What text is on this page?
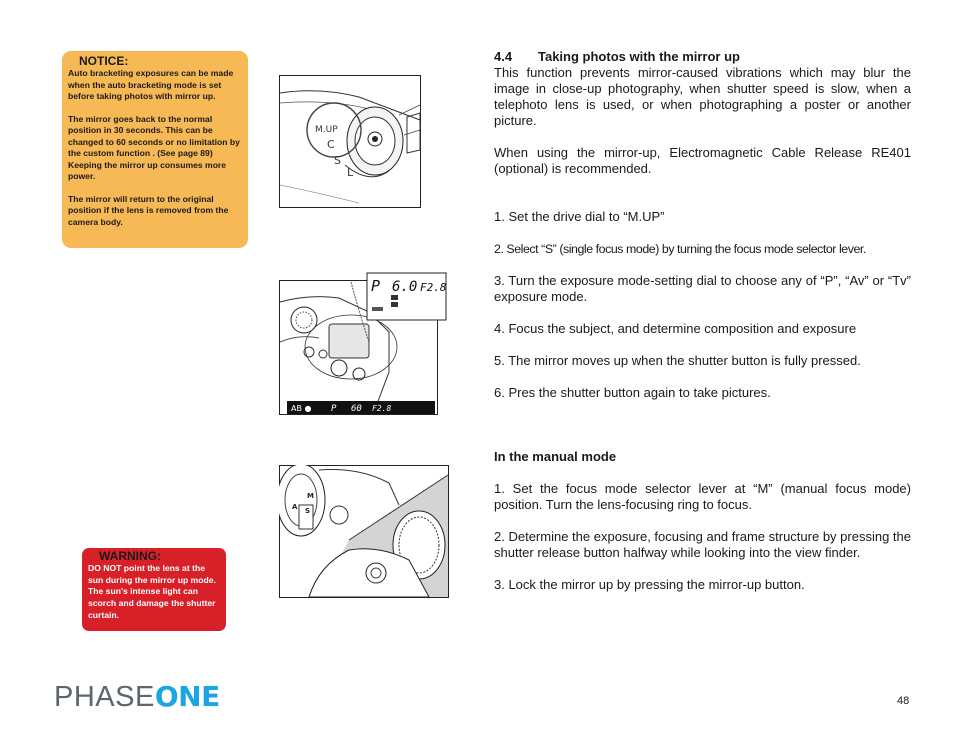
NOTICE:

Auto bracketing exposures can be made when the auto bracketing mode is set before taking photos with mirror up.

The mirror goes back to the normal position in 30 seconds. This can be changed to 60 seconds or no limitation by the custom function . (See page 89) Keeping the mirror up consumes more power.

The mirror will return to the original position if the lens is removed from the camera body.

M.UP
C
S
L
P 6.0 F2.8
AB ● P 60 F2.8
M
A S
WARNING:

DO NOT point the lens at the sun during the mirror up mode. The sun's intense light can scorch and damage the shutter curtain.

4.4 Taking photos with the mirror up

This function prevents mirror-caused vibrations which may blur the image in close-up photography, when shutter speed is slow, when a telephoto lens is used, or when photographing a poster or another picture.

When using the mirror-up, Electromagnetic Cable Release RE401 (optional) is recommended.

1. Set the drive dial to “M.UP”

2. Select “S” (single focus mode) by turning the focus mode selector lever.

3. Turn the exposure mode-setting dial to choose any of “P”, “Av” or “Tv” exposure mode.

4. Focus the subject, and determine composition and exposure

5. The mirror moves up when the shutter button is fully pressed.

6. Pres the shutter button again to take pictures.

In the manual mode

1. Set the focus mode selector lever at “M” (manual focus mode) position. Turn the lens-focusing ring to focus.

2. Determine the exposure, focusing and frame structure by pressing the shutter release button halfway while looking into the view finder.

3. Lock the mirror up by pressing the mirror-up button.

PHASEONE	48
